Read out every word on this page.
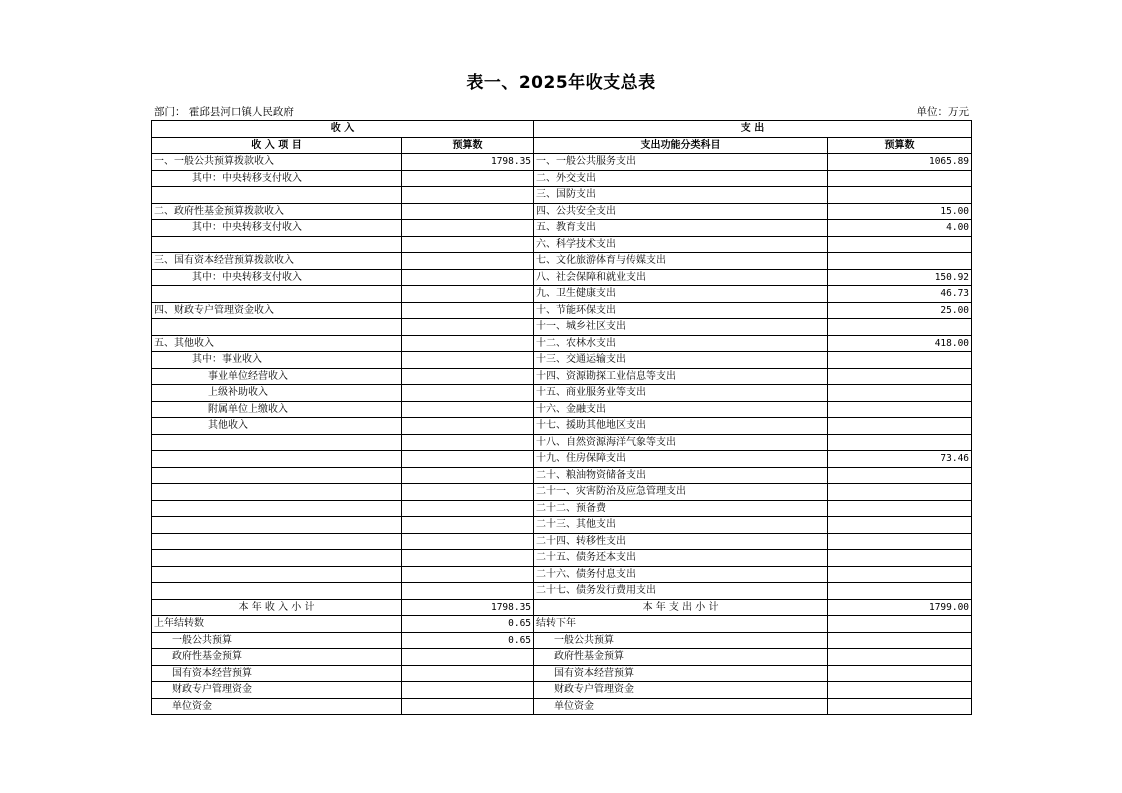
表一、2025年收支总表
部门： 霍邱县河口镇人民政府	单位：万元
收 入		支 出	
收 入 项 目	预算数	支出功能分类科目	预算数
一、一般公共预算拨款收入	1798.35	一、一般公共服务支出	1065.89
其中：中央转移支付收入		二、外交支出	
		三、国防支出	
二、政府性基金预算拨款收入		四、公共安全支出	15.00
其中：中央转移支付收入		五、教育支出	4.00
		六、科学技术支出	
三、国有资本经营预算拨款收入		七、文化旅游体育与传媒支出	
其中：中央转移支付收入		八、社会保障和就业支出	150.92
		九、卫生健康支出	46.73
四、财政专户管理资金收入		十、节能环保支出	25.00
		十一、城乡社区支出	
五、其他收入		十二、农林水支出	418.00
其中：事业收入		十三、交通运输支出	
事业单位经营收入		十四、资源勘探工业信息等支出	
上级补助收入		十五、商业服务业等支出	
附属单位上缴收入		十六、金融支出	
其他收入		十七、援助其他地区支出	
		十八、自然资源海洋气象等支出	
		十九、住房保障支出	73.46
		二十、粮油物资储备支出	
		二十一、灾害防治及应急管理支出	
		二十二、预备费	
		二十三、其他支出	
		二十四、转移性支出	
		二十五、债务还本支出	
		二十六、债务付息支出	
		二十七、债务发行费用支出	
本 年 收 入 小 计	1798.35	本 年 支 出 小 计	1799.00
上年结转数	0.65	结转下年	
一般公共预算	0.65	一般公共预算	
政府性基金预算		政府性基金预算	
国有资本经营预算		国有资本经营预算	
财政专户管理资金		财政专户管理资金	
单位资金		单位资金	
